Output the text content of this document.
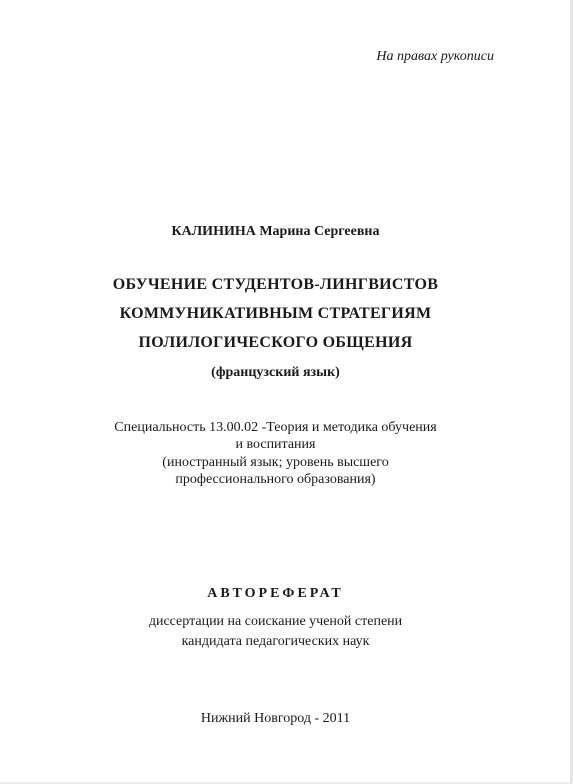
На правах рукописи
КАЛИНИНА Марина Сергеевна
ОБУЧЕНИЕ СТУДЕНТОВ-ЛИНГВИСТОВ
КОММУНИКАТИВНЫМ СТРАТЕГИЯМ
ПОЛИЛОГИЧЕСКОГО ОБЩЕНИЯ
(французский язык)
Специальность 13.00.02 -Теория и методика обучения
и воспитания
(иностранный язык; уровень высшего
профессионального образования)
АВТОРЕФЕРАТ
диссертации на соискание ученой степени
кандидата педагогических наук
Нижний Новгород - 2011
